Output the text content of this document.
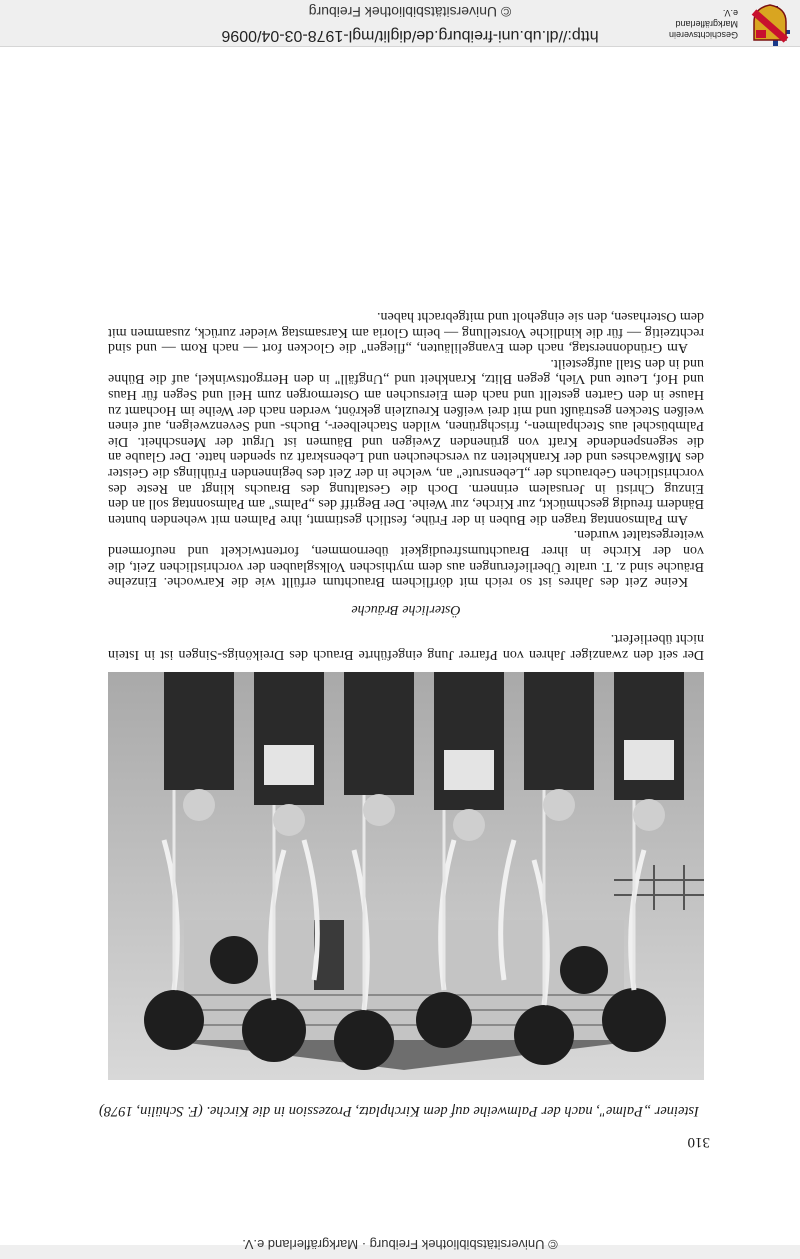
http://dl.ub.uni-freiburg.de/diglit/mgl-1978-03-04/0096
© Universitätsbibliothek Freiburg
Geschichtsverein Markgräflerland e.V.
310
Isteiner „Palme", nach der Palmweihe auf dem Kirchplatz, Prozession in die Kirche. (F. Schülin, 1978)

Der seit den zwanziger Jahren von Pfarrer Jung eingeführte Brauch des Dreikönigs-Singen ist in Istein nicht überliefert.

Österliche Bräuche

Keine Zeit des Jahres ist so reich mit dörflichem Brauchtum erfüllt wie die Karwoche. Einzelne Bräuche sind z. T. uralte Überlieferungen aus dem mythischen Volksglauben der vorchristlichen Zeit, die von der Kirche in ihrer Brauchtumsfreudigkeit übernommen, fortentwickelt und neuformend weitergestaltet wurden.

Am Palmsonntag tragen die Buben in der Frühe, festlich gestimmt, ihre Palmen mit wehenden bunten Bändern freudig geschmückt, zur Kirche, zur Weihe. Der Begriff des „Palms" am Palmsonntag soll an den Einzug Christi in Jerusalem erinnern. Doch die Gestaltung des Brauchs klingt an Reste des vorchristlichen Gebrauchs der „Lebensrute" an, welche in der Zeit des beginnenden Frühlings die Geister des Mißwachses und der Krankheiten zu verscheuchen und Lebenskraft zu spenden hatte. Der Glaube an die segenspendende Kraft von grünenden Zweigen und Bäumen ist Urgut der Menschheit. Die Palmbüschel aus Stechpalmen-, frischgrünen, wilden Stachelbeer-, Buchs- und Sevenzweigen, auf einen weißen Stecken gesträußt und mit drei weißen Kreuzlein gekrönt, werden nach der Weihe im Hochamt zu Hause in den Garten gestellt und nach dem Eiersuchen am Ostermorgen zum Heil und Segen für Haus und Hof, Leute und Vieh, gegen Blitz, Krankheit und „Ungfäll" in den Herrgottswinkel, auf die Bühne und in den Stall aufgesteilt.

Am Gründonnerstag, nach dem Evangeliläuten, „fliegen" die Glocken fort — nach Rom — und sind rechtzeitig — für die kindliche Vorstellung — beim Gloria am Karsamstag wieder zurück, zusammen mit dem Osterhasen, den sie eingeholt und mitgebracht haben.

© Universitätsbibliothek Freiburg · Markgräflerland e.V.
